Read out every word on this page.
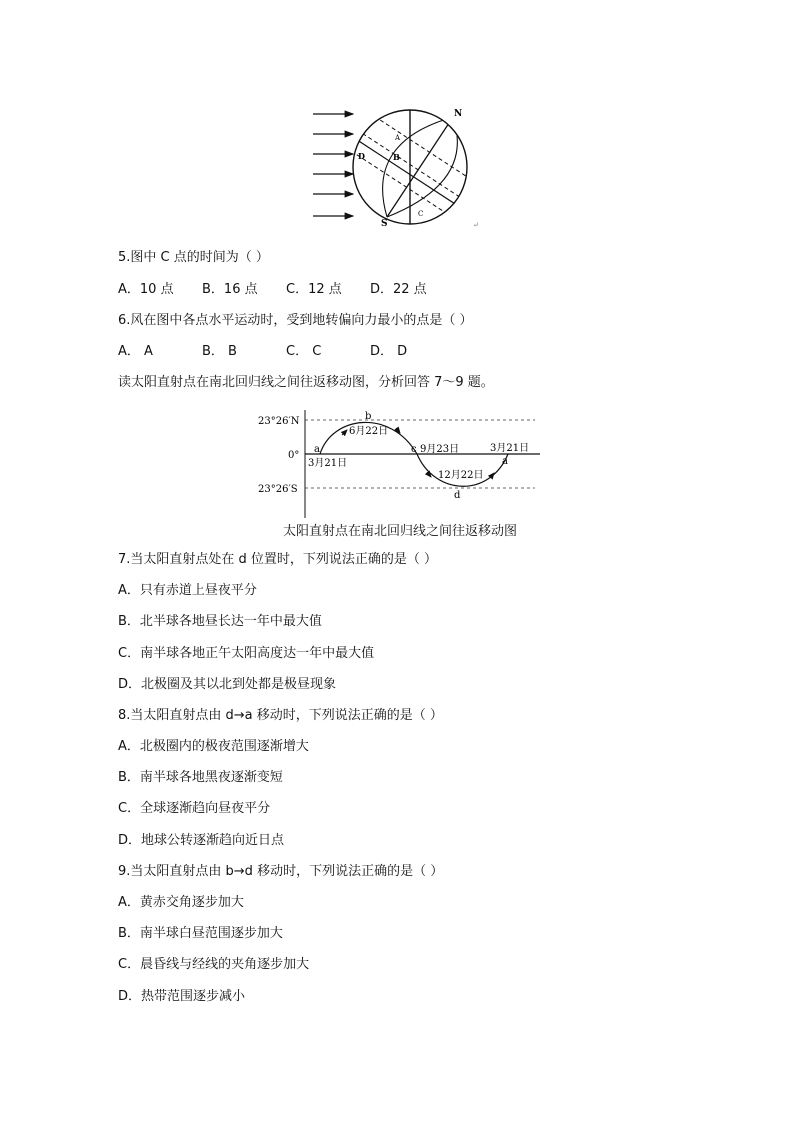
N
S
A
B
C
D
↵
5.图中 C 点的时间为（ ）
A．10 点 B．16 点 C．12 点 D．22 点
6.风在图中各点水平运动时，受到地转偏向力最小的点是（ ）
A． A	B． B	C． C	D． D
读太阳直射点在南北回归线之间往返移动图，分析回答 7～9 题。
23°26′N
0°
23°26′S
a
b
c
d
a
3月21日
6月22日
9月23日
12月22日
3月21日
太阳直射点在南北回归线之间往返移动图
7.当太阳直射点处在 d 位置时，下列说法正确的是（ ）
A．只有赤道上昼夜平分
B．北半球各地昼长达一年中最大值
C．南半球各地正午太阳高度达一年中最大值
D．北极圈及其以北到处都是极昼现象
8.当太阳直射点由 d→a 移动时，下列说法正确的是（ ）
A．北极圈内的极夜范围逐渐增大
B．南半球各地黑夜逐渐变短
C．全球逐渐趋向昼夜平分
D．地球公转逐渐趋向近日点
9.当太阳直射点由 b→d 移动时，下列说法正确的是（ ）
A．黄赤交角逐步加大
B．南半球白昼范围逐步加大
C．晨昏线与经线的夹角逐步加大
D．热带范围逐步减小
